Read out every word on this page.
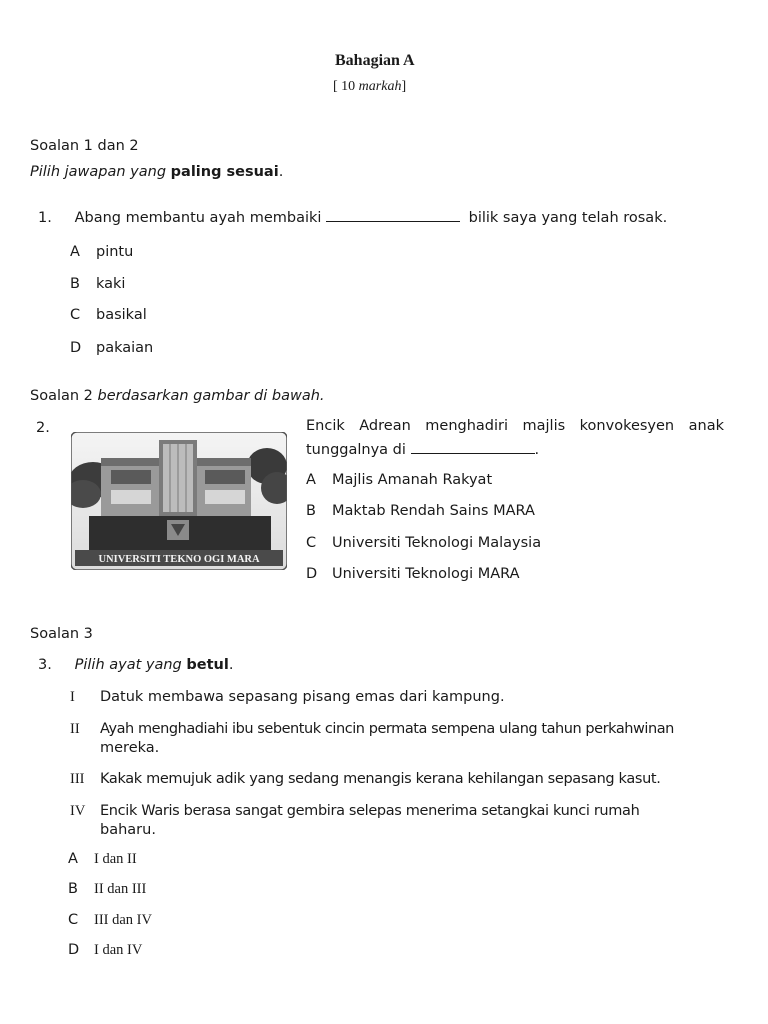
Bahagian A
[ 10 markah]
Soalan 1 dan 2
Pilih jawapan yang paling sesuai.
1. Abang membantu ayah membaiki	bilik saya yang telah rosak.
A pintu
B kaki
C basikal
D pakaian
Soalan 2 berdasarkan gambar di bawah.
2.
UNIVERSITI TEKNO OGI MARA
Encik Adrean menghadiri majlis konvokesyen anak
tunggalnya di	.
A Majlis Amanah Rakyat
B Maktab Rendah Sains MARA
C Universiti Teknologi Malaysia
D Universiti Teknologi MARA
Soalan 3
3. Pilih ayat yang betul.
I Datuk membawa sepasang pisang emas dari kampung.
II Ayah menghadiahi ibu sebentuk cincin permata sempena ulang tahun perkahwinan
mereka.
III Kakak memujuk adik yang sedang menangis kerana kehilangan sepasang kasut.
IV Encik Waris berasa sangat gembira selepas menerima setangkai kunci rumah
baharu.
A I dan II
B II dan III
C III dan IV
D I dan IV
